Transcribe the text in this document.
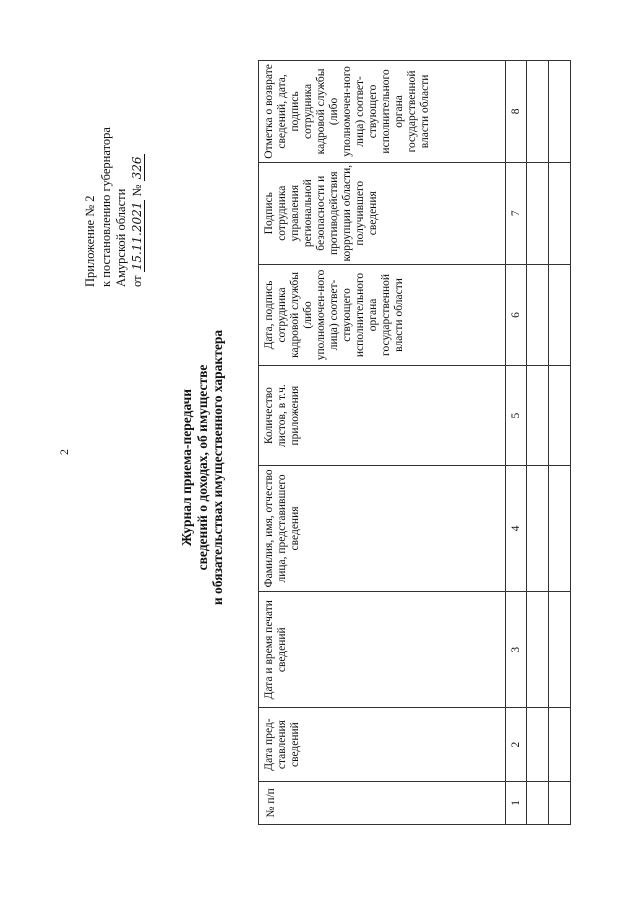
2
Приложение № 2 к постановлению губернатора Амурской области от 15.11.2021 № 326
Журнал приема-передачи сведений о доходах, об имуществе и обязательствах имущественного характера
№ п/п	Дата пред-ставления сведений	Дата и время печати сведений	Фамилия, имя, отчество лица, представившего сведения	Количество листов, в т.ч. приложения	Дата, подпись сотрудника кадровой службы (либо уполномочен-ного лица) соответ-ствующего исполнительного органа государственной власти области	Подпись сотрудника управления региональной безопасности и противодействия коррупции области, получившего сведения	Отметка о возврате сведений, дата, подпись сотрудника кадровой службы (либо уполномочен-ного лица) соответ-ствующего исполнительного органа государственной власти области
1	2	3	4	5	6	7	8
